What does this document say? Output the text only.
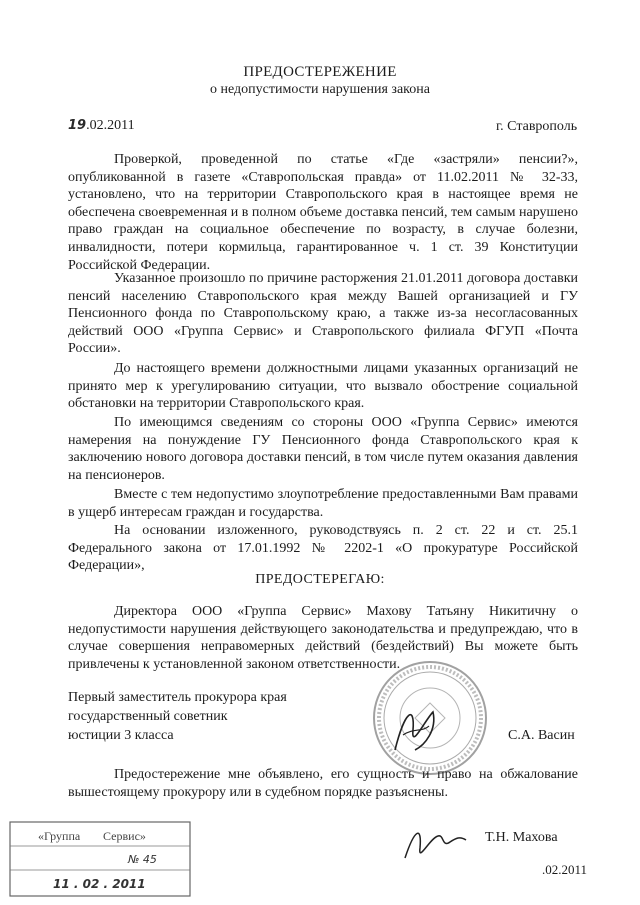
ПРЕДОСТЕРЕЖЕНИЕ
о недопустимости нарушения закона
19.02.2011	г. Ставрополь

Проверкой, проведенной по статье «Где «застряли» пенсии?», опубликованной в газете «Ставропольская правда» от 11.02.2011 № 32-33, установлено, что на территории Ставропольского края в настоящее время не обеспечена своевременная и в полном объеме доставка пенсий, тем самым нарушено право граждан на социальное обеспечение по возрасту, в случае болезни, инвалидности, потери кормильца, гарантированное ч. 1 ст. 39 Конституции Российской Федерации.

Указанное произошло по причине расторжения 21.01.2011 договора доставки пенсий населению Ставропольского края между Вашей организацией и ГУ Пенсионного фонда по Ставропольскому краю, а также из-за несогласованных действий ООО «Группа Сервис» и Ставропольского филиала ФГУП «Почта России».

До настоящего времени должностными лицами указанных организаций не принято мер к урегулированию ситуации, что вызвало обострение социальной обстановки на территории Ставропольского края.

По имеющимся сведениям со стороны ООО «Группа Сервис» имеются намерения на понуждение ГУ Пенсионного фонда Ставропольского края к заключению нового договора доставки пенсий, в том числе путем оказания давления на пенсионеров.

Вместе с тем недопустимо злоупотребление предоставленными Вам правами в ущерб интересам граждан и государства.

На основании изложенного, руководствуясь п. 2 ст. 22 и ст. 25.1 Федерального закона от 17.01.1992 № 2202-1 «О прокуратуре Российской Федерации»,

ПРЕДОСТЕРЕГАЮ:

Директора ООО «Группа Сервис» Махову Татьяну Никитичну о недопустимости нарушения действующего законодательства и предупреждаю, что в случае совершения неправомерных действий (бездействий) Вы можете быть привлечены к установленной законом ответственности.

Первый заместитель прокурора края
государственный советник
юстиции 3 класса	С.А. Васин

Предостережение мне объявлено, его сущность и право на обжалование вышестоящему прокурору или в судебном порядке разъяснены.

«Группа Сервис»
№ 45
11 . 02 . 2011
Т.Н. Махова
.02.2011
